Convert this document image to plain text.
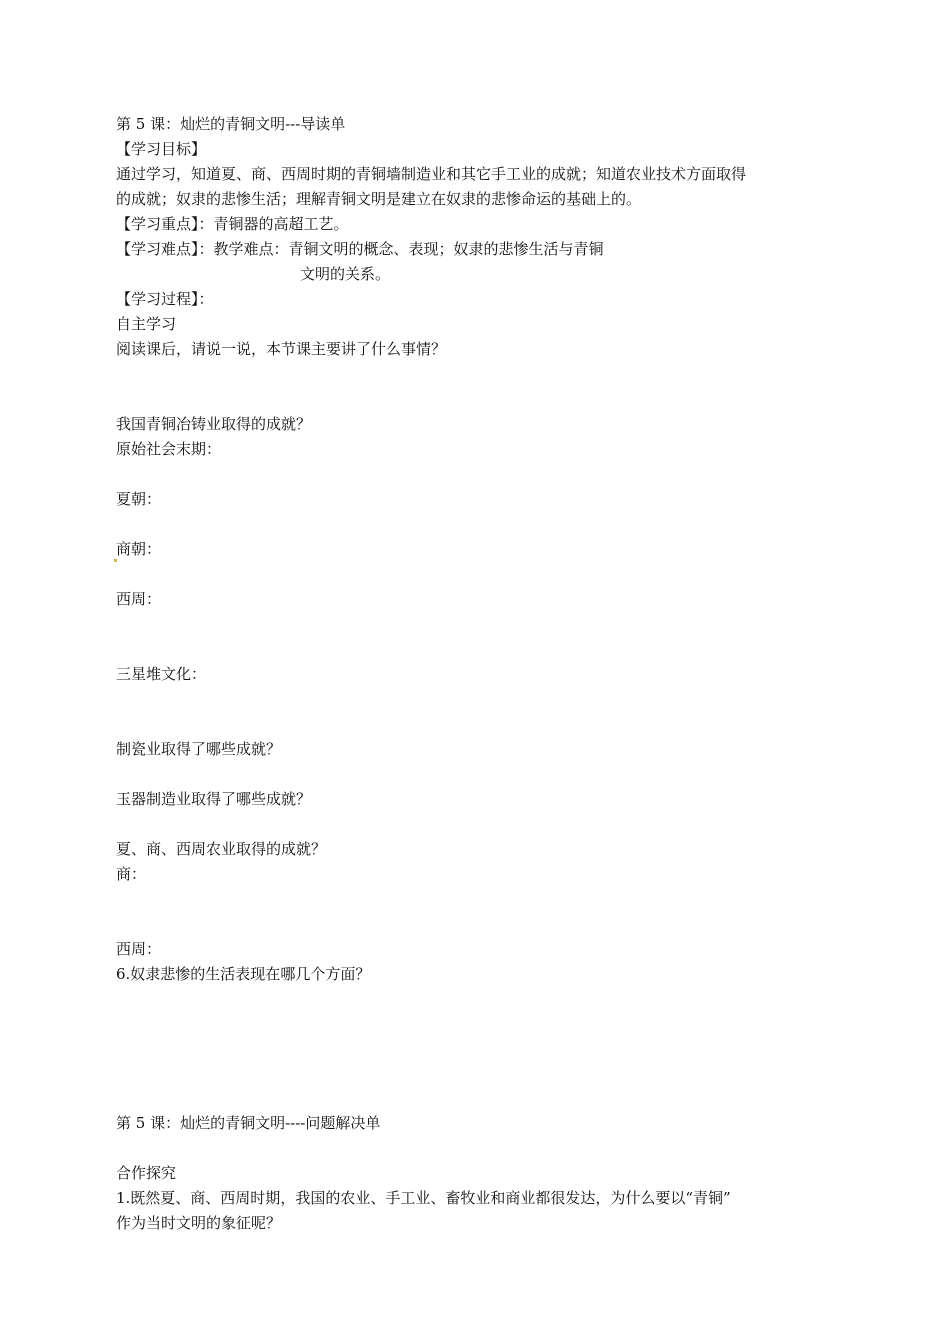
第 5 课：灿烂的青铜文明---导读单
【学习目标】
通过学习，知道夏、商、西周时期的青铜墙制造业和其它手工业的成就；知道农业技术方面取得
的成就；奴隶的悲惨生活；理解青铜文明是建立在奴隶的悲惨命运的基础上的。
【学习重点】：青铜器的高超工艺。
【学习难点】：教学难点：青铜文明的概念、表现；奴隶的悲惨生活与青铜
文明的关系。
【学习过程】：
自主学习
阅读课后，请说一说，本节课主要讲了什么事情？
我国青铜冶铸业取得的成就？
原始社会末期：
夏朝：
商朝：
西周：
三星堆文化：
制瓷业取得了哪些成就？
玉器制造业取得了哪些成就？
夏、商、西周农业取得的成就？
商：
西周：
6.奴隶悲惨的生活表现在哪几个方面？
第 5 课：灿烂的青铜文明----问题解决单
合作探究
1.既然夏、商、西周时期，我国的农业、手工业、畜牧业和商业都很发达，为什么要以“青铜”
作为当时文明的象征呢？
